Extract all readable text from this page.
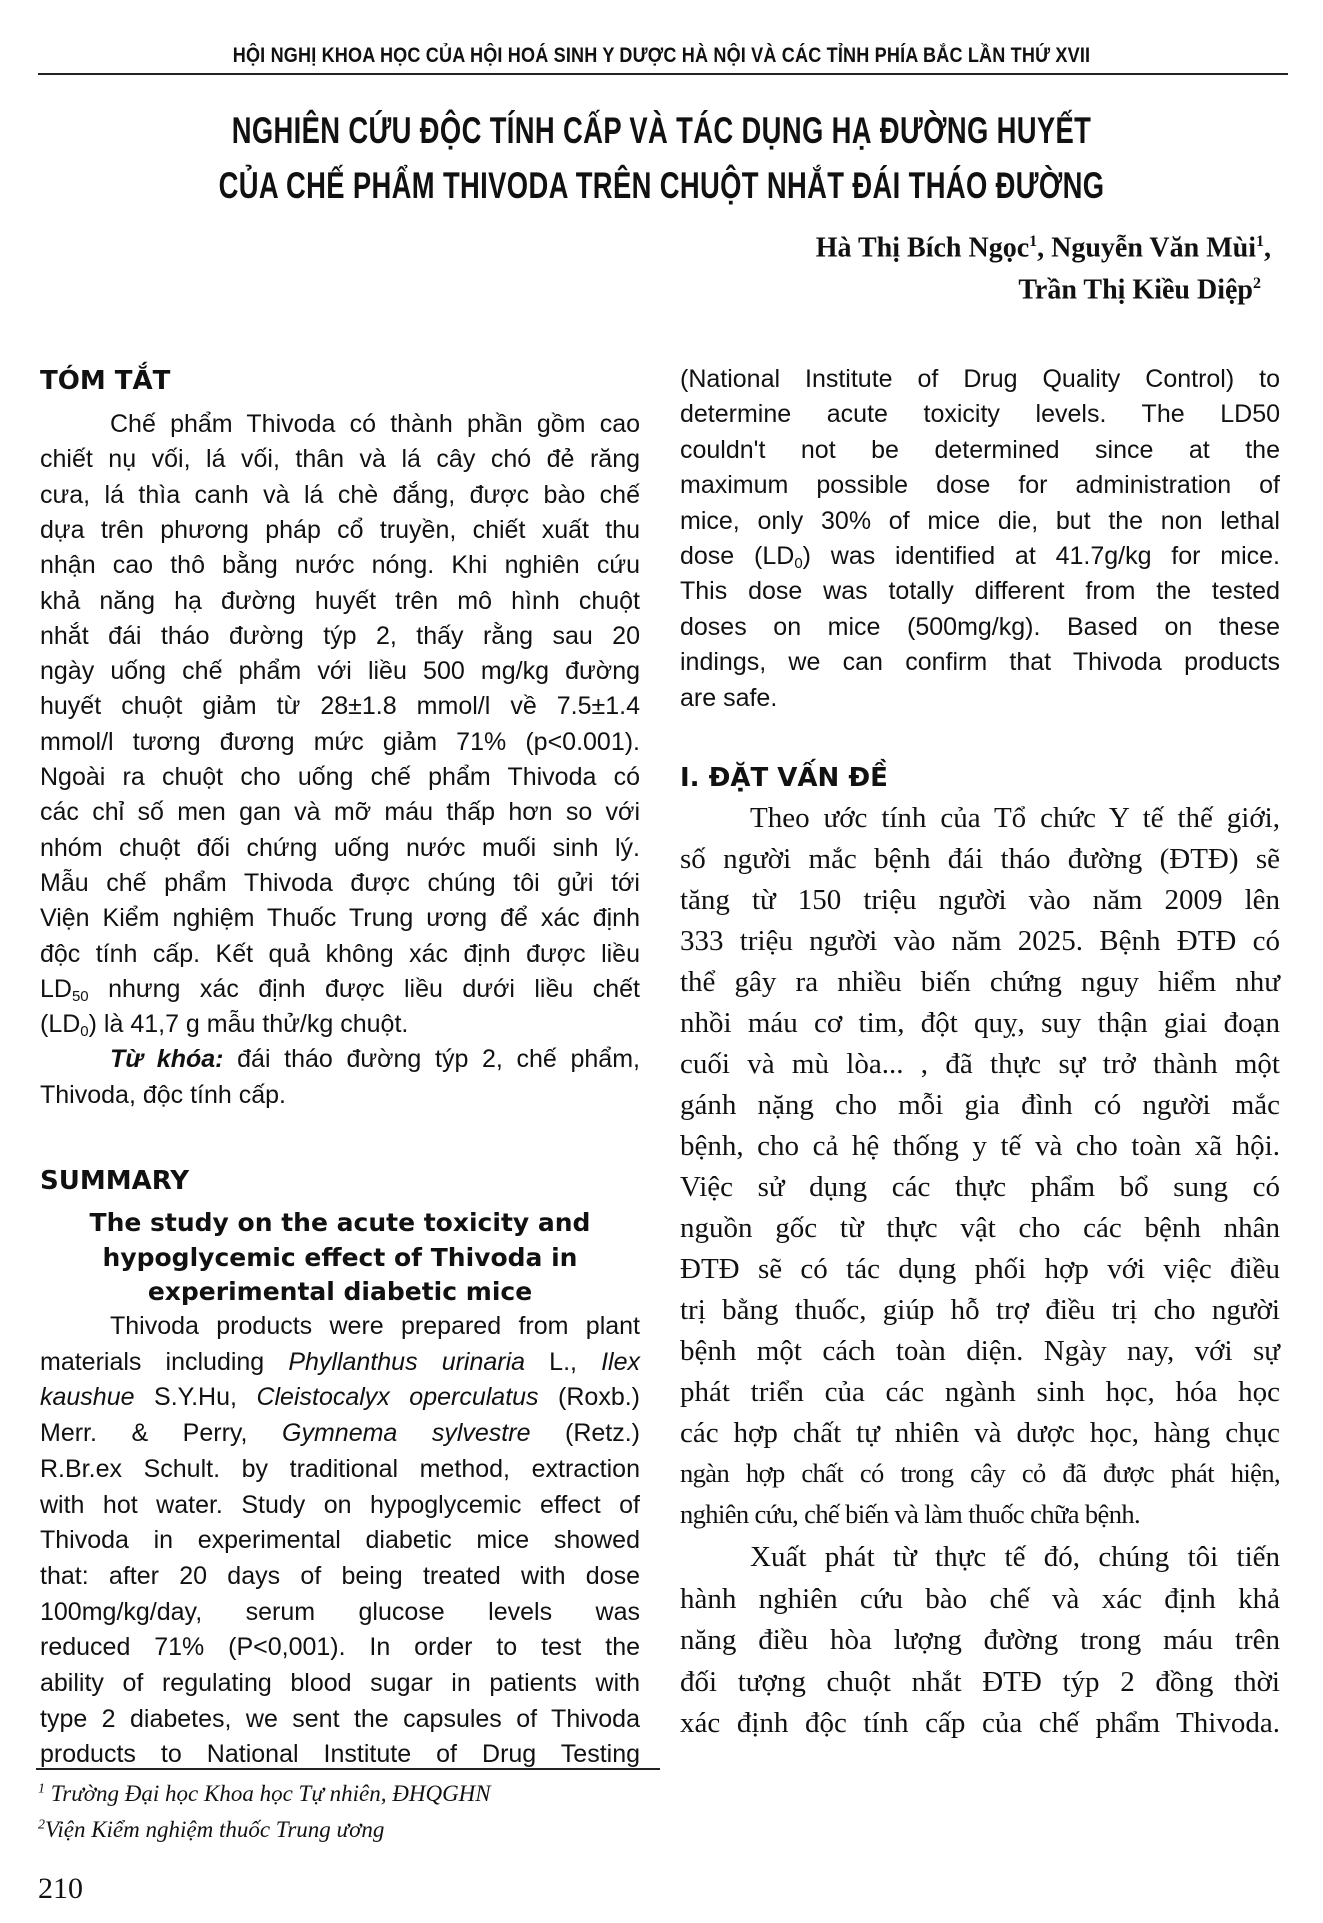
HỘI NGHỊ KHOA HỌC CỦA HỘI HOÁ SINH Y DƯỢC HÀ NỘI VÀ CÁC TỈNH PHÍA BẮC LẦN THỨ XVII
NGHIÊN CỨU ĐỘC TÍNH CẤP VÀ TÁC DỤNG HẠ ĐƯỜNG HUYẾT
CỦA CHẾ PHẨM THIVODA TRÊN CHUỘT NHẮT ĐÁI THÁO ĐƯỜNG
Hà Thị Bích Ngọc$^1$, Nguyễn Văn Mùi$^1$,
Trần Thị Kiều Diệp$^2$
TÓM TẮT
Chế phẩm Thivoda có thành phần gồm cao
chiết nụ vối, lá vối, thân và lá cây chó đẻ răng
cưa, lá thìa canh và lá chè đắng, được bào chế
dựa trên phương pháp cổ truyền, chiết xuất thu
nhận cao thô bằng nước nóng. Khi nghiên cứu
khả năng hạ đường huyết trên mô hình chuột
nhắt đái tháo đường týp 2, thấy rằng sau 20
ngày uống chế phẩm với liều 500 mg/kg đường
huyết chuột giảm từ 28±1.8 mmol/l về 7.5±1.4
mmol/l tương đương mức giảm 71% (p<0.001).
Ngoài ra chuột cho uống chế phẩm Thivoda có
các chỉ số men gan và mỡ máu thấp hơn so với
nhóm chuột đối chứng uống nước muối sinh lý.
Mẫu chế phẩm Thivoda được chúng tôi gửi tới
Viện Kiểm nghiệm Thuốc Trung ương để xác định
độc tính cấp. Kết quả không xác định được liều
$LD_{50}$ nhưng xác định được liều dưới liều chết
$(LD_0)$ là 41,7 g mẫu thử/kg chuột.
Từ khóa: đái tháo đường týp 2, chế phẩm,
Thivoda, độc tính cấp.
SUMMARY
The study on the acute toxicity and
hypoglycemic effect of Thivoda in
experimental diabetic mice
Thivoda products were prepared from plant
materials including Phyllanthus urinaria L., Ilex
kaushue S.Y.Hu, Cleistocalyx operculatus (Roxb.)
Merr. & Perry, Gymnema sylvestre (Retz.)
R.Br.ex Schult. by traditional method, extraction
with hot water. Study on hypoglycemic effect of
Thivoda in experimental diabetic mice showed
that: after 20 days of being treated with dose
100mg/kg/day, serum glucose levels was
reduced 71% (P<0,001). In order to test the
ability of regulating blood sugar in patients with
type 2 diabetes, we sent the capsules of Thivoda
products to National Institute of Drug Testing
(National Institute of Drug Quality Control) to
determine acute toxicity levels. The LD50
couldn't not be determined since at the
maximum possible dose for administration of
mice, only 30% of mice die, but the non lethal
dose $(LD_0)$ was identified at 41.7g/kg for mice.
This dose was totally different from the tested
doses on mice (500mg/kg). Based on these
indings, we can confirm that Thivoda products
are safe.
I. ĐẶT VẤN ĐỀ
Theo ước tính của Tổ chức Y tế thế giới,
số người mắc bệnh đái tháo đường (ĐTĐ) sẽ
tăng từ 150 triệu người vào năm 2009 lên
333 triệu người vào năm 2025. Bệnh ĐTĐ có
thể gây ra nhiều biến chứng nguy hiểm như
nhồi máu cơ tim, đột quỵ, suy thận giai đoạn
cuối và mù lòa... , đã thực sự trở thành một
gánh nặng cho mỗi gia đình có người mắc
bệnh, cho cả hệ thống y tế và cho toàn xã hội.
Việc sử dụng các thực phẩm bổ sung có
nguồn gốc từ thực vật cho các bệnh nhân
ĐTĐ sẽ có tác dụng phối hợp với việc điều
trị bằng thuốc, giúp hỗ trợ điều trị cho người
bệnh một cách toàn diện. Ngày nay, với sự
phát triển của các ngành sinh học, hóa học
các hợp chất tự nhiên và dược học, hàng chục
ngàn hợp chất có trong cây cỏ đã được phát hiện,
nghiên cứu, chế biến và làm thuốc chữa bệnh.
Xuất phát từ thực tế đó, chúng tôi tiến
hành nghiên cứu bào chế và xác định khả
năng điều hòa lượng đường trong máu trên
đối tượng chuột nhắt ĐTĐ týp 2 đồng thời
xác định độc tính cấp của chế phẩm Thivoda.
$^1$ Trường Đại học Khoa học Tự nhiên, ĐHQGHN
$^2$Viện Kiểm nghiệm thuốc Trung ương
210
